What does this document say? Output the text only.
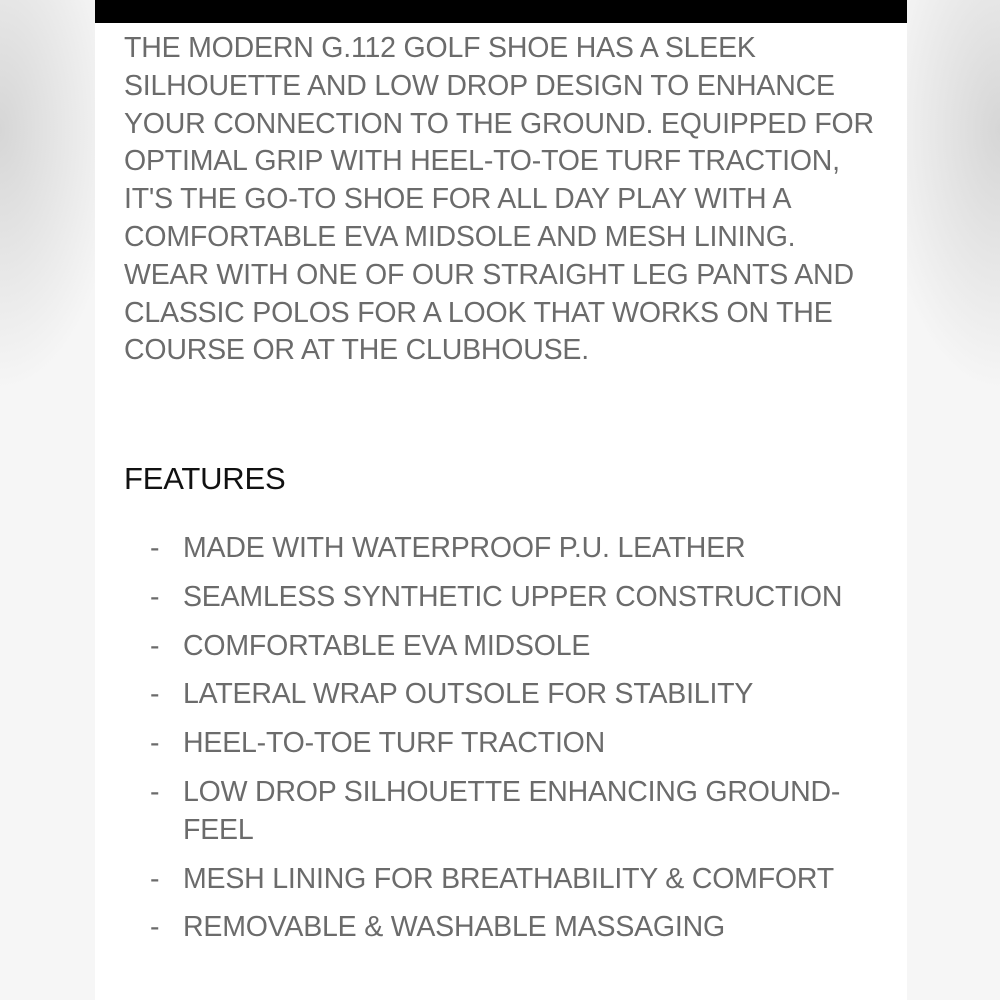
THE MODERN G.112 GOLF SHOE HAS A SLEEK SILHOUETTE AND LOW DROP DESIGN TO ENHANCE YOUR CONNECTION TO THE GROUND. EQUIPPED FOR OPTIMAL GRIP WITH HEEL-TO-TOE TURF TRACTION, IT'S THE GO-TO SHOE FOR ALL DAY PLAY WITH A COMFORTABLE EVA MIDSOLE AND MESH LINING. WEAR WITH ONE OF OUR STRAIGHT LEG PANTS AND CLASSIC POLOS FOR A LOOK THAT WORKS ON THE COURSE OR AT THE CLUBHOUSE.

FEATURES
- MADE WITH WATERPROOF P.U. LEATHER
- SEAMLESS SYNTHETIC UPPER CONSTRUCTION
- COMFORTABLE EVA MIDSOLE
- LATERAL WRAP OUTSOLE FOR STABILITY
- HEEL-TO-TOE TURF TRACTION
- LOW DROP SILHOUETTE ENHANCING GROUND-FEEL
- MESH LINING FOR BREATHABILITY & COMFORT
- REMOVABLE & WASHABLE MASSAGING
